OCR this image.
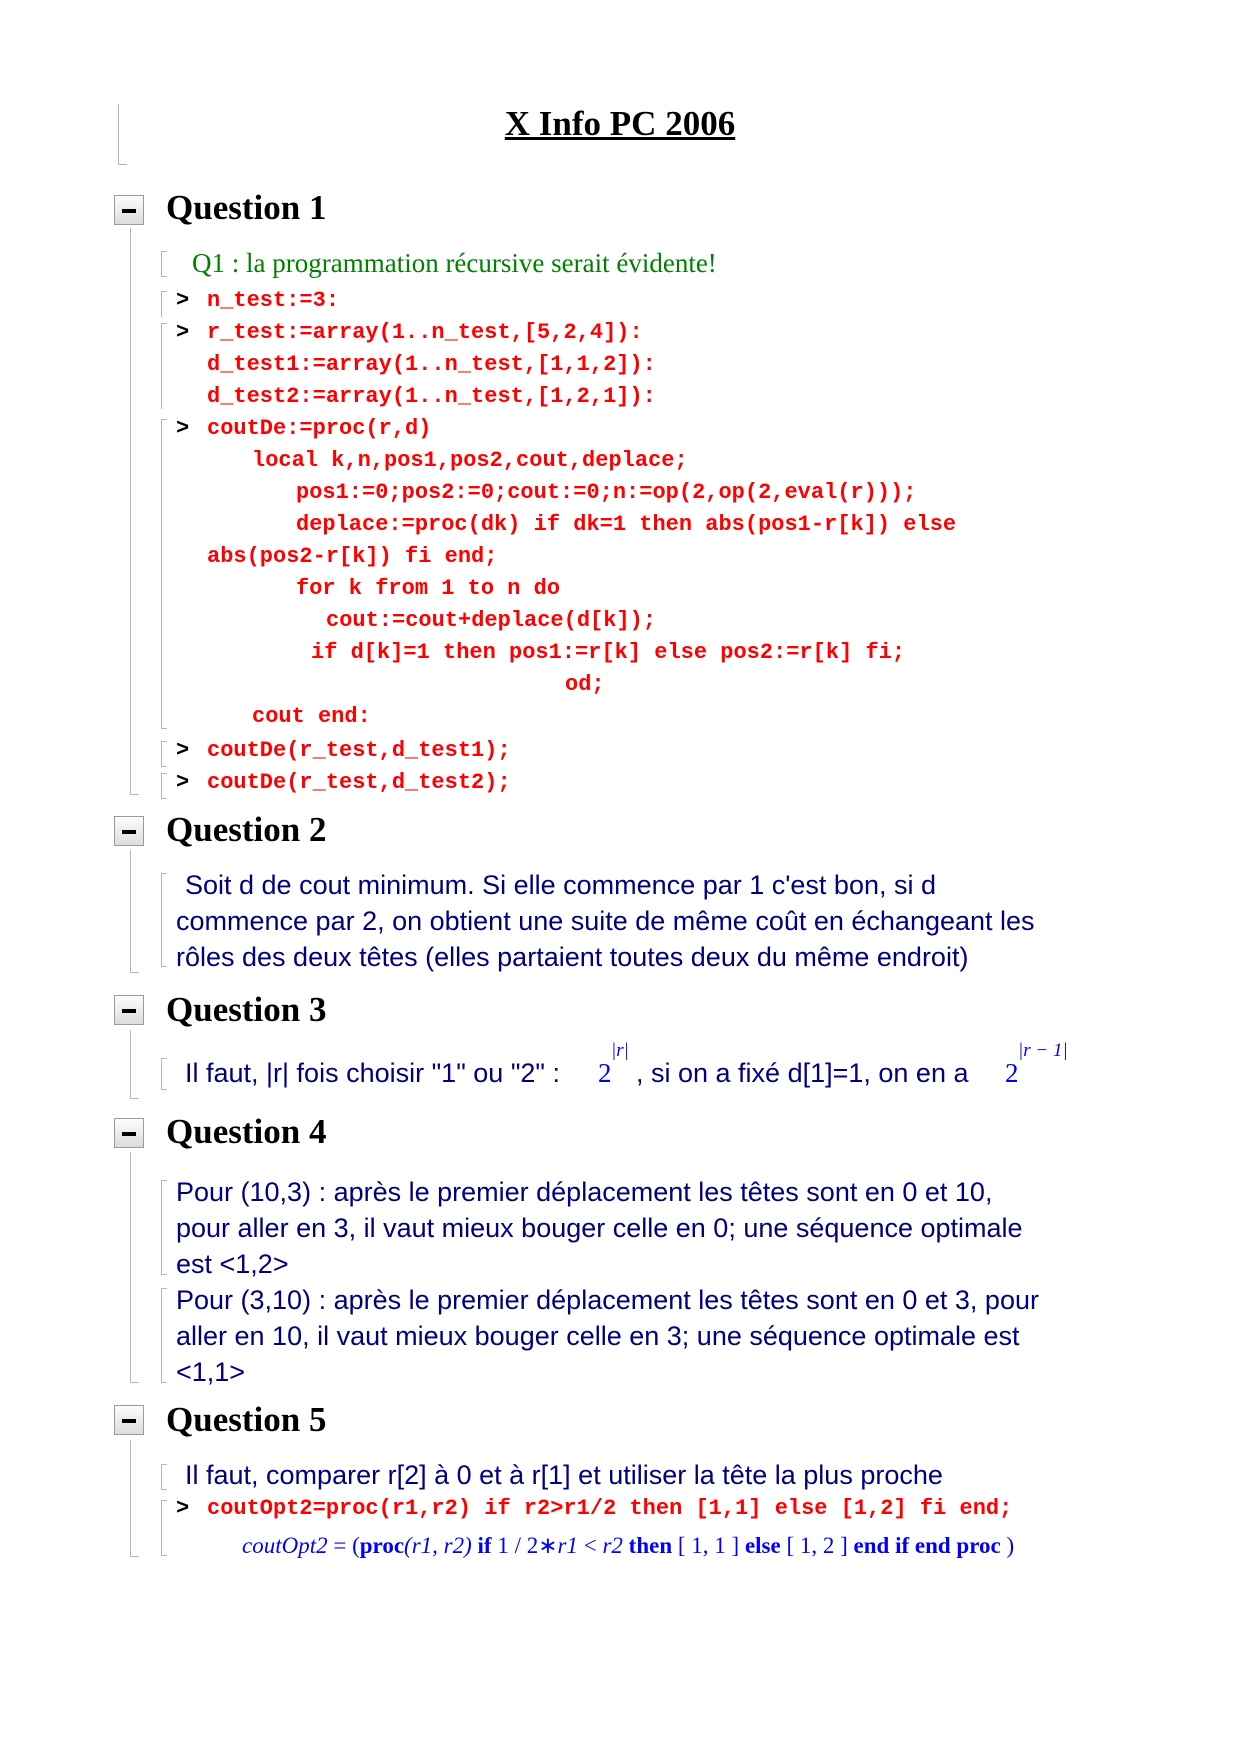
X Info PC 2006
Question 1
Q1 : la programmation récursive serait évidente!
> n_test:=3:
> r_test:=array(1..n_test,[5,2,4]):
d_test1:=array(1..n_test,[1,1,2]):
d_test2:=array(1..n_test,[1,2,1]):
> coutDe:=proc(r,d)
local k,n,pos1,pos2,cout,deplace;
pos1:=0;pos2:=0;cout:=0;n:=op(2,op(2,eval(r)));
deplace:=proc(dk) if dk=1 then abs(pos1-r[k]) else
abs(pos2-r[k]) fi end;
for k from 1 to n do
cout:=cout+deplace(d[k]);
if d[k]=1 then pos1:=r[k] else pos2:=r[k] fi;
od;
cout end:
> coutDe(r_test,d_test1);
> coutDe(r_test,d_test2);
Question 2
Soit d de cout minimum. Si elle commence par 1 c'est bon, si d
commence par 2, on obtient une suite de même coût en échangeant les
rôles des deux têtes (elles partaient toutes deux du même endroit)
Question 3
Il faut, |r| fois choisir "1" ou "2" : 2
|r|
, si on a fixé d[1]=1, on en a 2
|r − 1|
Question 4
Pour (10,3) : après le premier déplacement les têtes sont en 0 et 10,
pour aller en 3, il vaut mieux bouger celle en 0; une séquence optimale
est <1,2>
Pour (3,10) : après le premier déplacement les têtes sont en 0 et 3, pour
aller en 10, il vaut mieux bouger celle en 3; une séquence optimale est
<1,1>
Question 5
Il faut, comparer r[2] à 0 et à r[1] et utiliser la tête la plus proche
> coutOpt2=proc(r1,r2) if r2>r1/2 then [1,1] else [1,2] fi end;
coutOpt2 = (proc(r1, r2) if 1 / 2∗r1 < r2 then [ 1, 1 ] else [ 1, 2 ] end if end proc )
